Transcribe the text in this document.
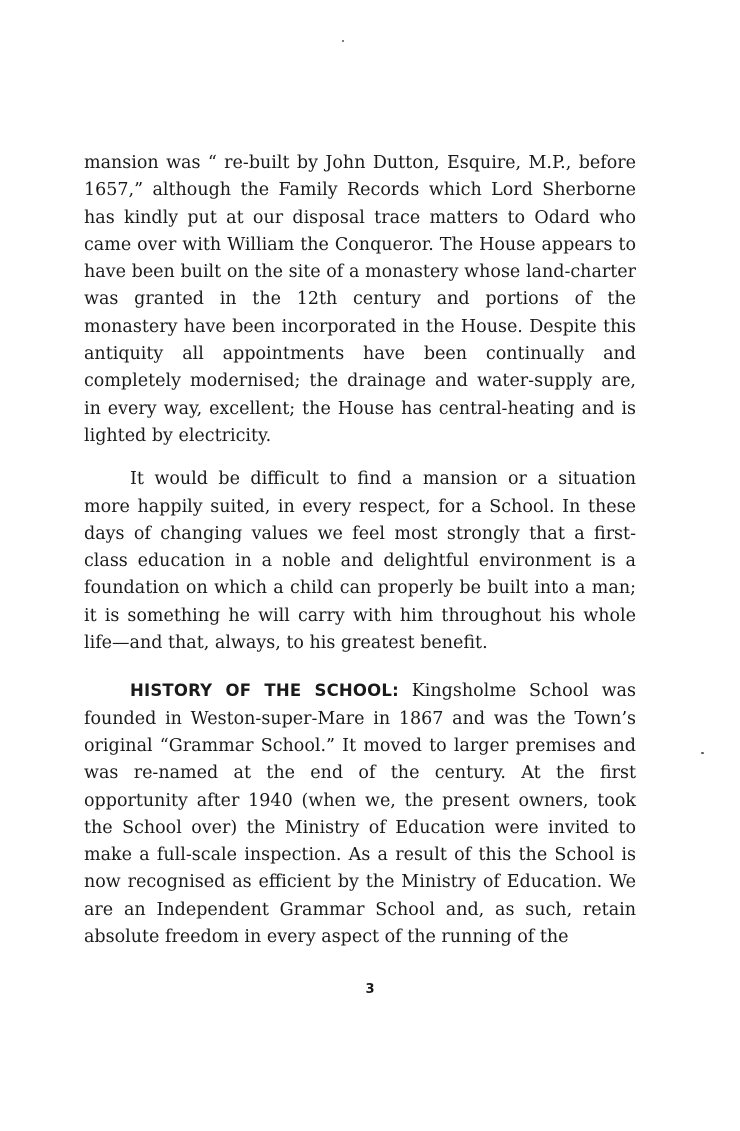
mansion was “ re-built by John Dutton, Esquire, M.P., before 1657,” although the Family Records which Lord Sherborne has kindly put at our disposal trace matters to Odard who came over with William the Conqueror. The House appears to have been built on the site of a monastery whose land-charter was granted in the 12th century and portions of the monastery have been incorporated in the House. Despite this antiquity all appointments have been continually and completely modernised; the drainage and water-supply are, in every way, excellent; the House has central-heating and is lighted by electricity.

It would be difficult to find a mansion or a situation more happily suited, in every respect, for a School. In these days of changing values we feel most strongly that a first-class education in a noble and delightful environment is a foundation on which a child can properly be built into a man; it is something he will carry with him throughout his whole life—and that, always, to his greatest benefit.

HISTORY OF THE SCHOOL: Kingsholme School was founded in Weston-super-Mare in 1867 and was the Town’s original “Grammar School.” It moved to larger premises and was re-named at the end of the century. At the first opportunity after 1940 (when we, the present owners, took the School over) the Ministry of Education were invited to make a full-scale inspection. As a result of this the School is now recognised as efficient by the Ministry of Education. We are an Independent Grammar School and, as such, retain absolute freedom in every aspect of the running of the

3
